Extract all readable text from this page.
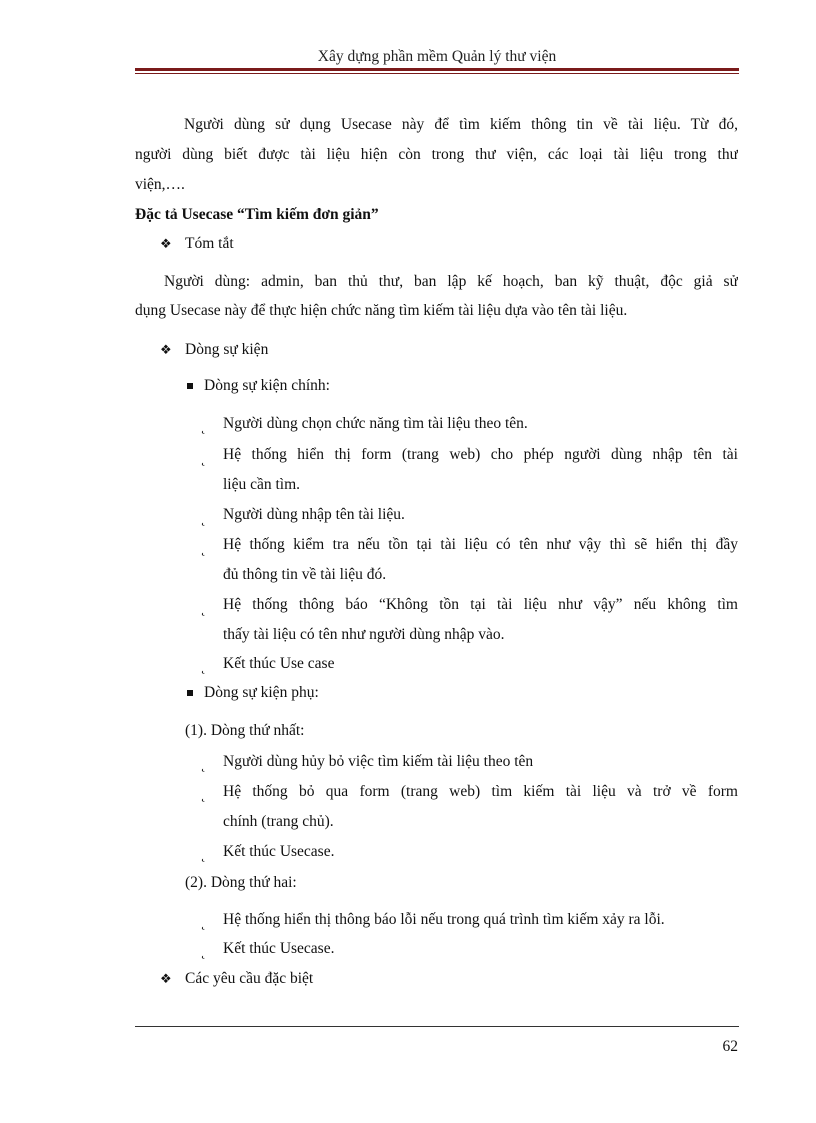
Xây dựng phần mềm Quản lý thư viện
Người dùng sử dụng Usecase này để tìm kiếm thông tin về tài liệu. Từ đó,
người dùng biết được tài liệu hiện còn trong thư viện, các loại tài liệu trong thư
viện,….
Đặc tả Usecase “Tìm kiếm đơn giản”
❖ Tóm tắt
Người dùng: admin, ban thủ thư, ban lập kế hoạch, ban kỹ thuật, độc giả sử
dụng Usecase này để thực hiện chức năng tìm kiếm tài liệu dựa vào tên tài liệu.
❖ Dòng sự kiện
Dòng sự kiện chính:
˛ Người dùng chọn chức năng tìm tài liệu theo tên.
˛ Hệ thống hiển thị form (trang web) cho phép người dùng nhập tên tài
liệu cần tìm.
˛ Người dùng nhập tên tài liệu.
˛ Hệ thống kiểm tra nếu tồn tại tài liệu có tên như vậy thì sẽ hiển thị đầy
đủ thông tin về tài liệu đó.
˛ Hệ thống thông báo “Không tồn tại tài liệu như vậy” nếu không tìm
thấy tài liệu có tên như người dùng nhập vào.
˛ Kết thúc Use case
Dòng sự kiện phụ:
(1). Dòng thứ nhất:
˛ Người dùng hủy bỏ việc tìm kiếm tài liệu theo tên
˛ Hệ thống bỏ qua form (trang web) tìm kiếm tài liệu và trở về form
chính (trang chủ).
˛ Kết thúc Usecase.
(2). Dòng thứ hai:
˛ Hệ thống hiển thị thông báo lỗi nếu trong quá trình tìm kiếm xảy ra lỗi.
˛ Kết thúc Usecase.
❖ Các yêu cầu đặc biệt
62
